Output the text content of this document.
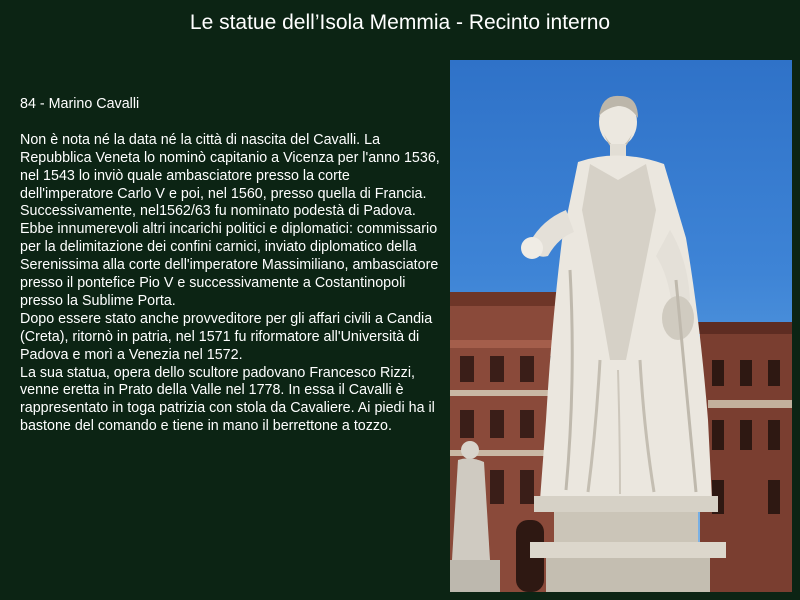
Le statue dell’Isola Memmia - Recinto interno

84 - Marino Cavalli

Non è nota né la data né la città di nascita del Cavalli. La Repubblica Veneta lo nominò capitanio a Vicenza per l'anno 1536, nel 1543 lo inviò quale ambasciatore presso la corte dell'imperatore Carlo V e poi, nel 1560, presso quella di Francia. Successivamente, nel1562/63 fu nominato podestà di Padova.

Ebbe innumerevoli altri incarichi politici e diplomatici: commissario per la delimitazione dei confini carnici, inviato diplomatico della Serenissima alla corte dell'imperatore Massimiliano, ambasciatore presso il pontefice Pio V e successivamente a Costantinopoli presso la Sublime Porta.

Dopo essere stato anche provveditore per gli affari civili a Candia (Creta), ritornò in patria, nel 1571 fu riformatore all'Università di Padova e morì a Venezia nel 1572.

La sua statua, opera dello scultore padovano Francesco Rizzi, venne eretta in Prato della Valle nel 1778. In essa il Cavalli è rappresentato in toga patrizia con stola da Cavaliere. Ai piedi ha il bastone del comando e tiene in mano il berrettone a tozzo.
